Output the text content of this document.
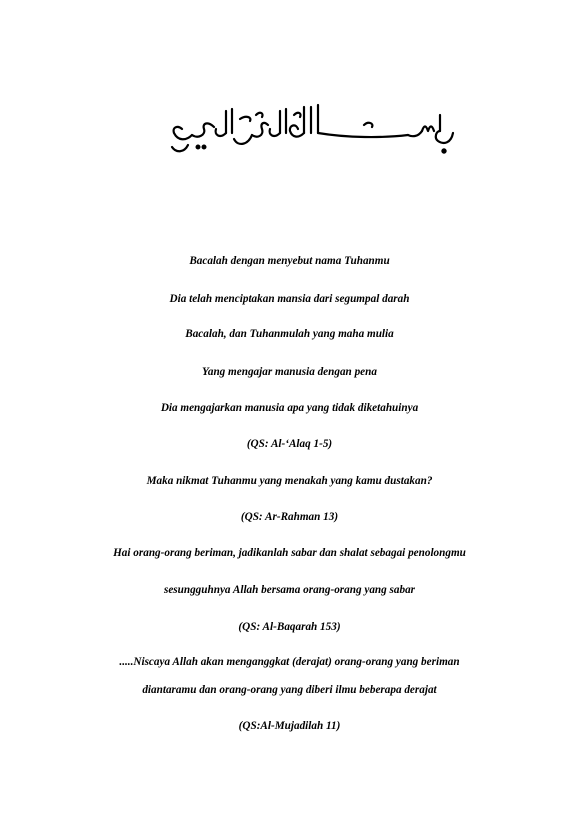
Bacalah dengan menyebut nama Tuhanmu
Dia telah menciptakan mansia dari segumpal darah
Bacalah, dan Tuhanmulah yang maha mulia
Yang mengajar manusia dengan pena
Dia mengajarkan manusia apa yang tidak diketahuinya
(QS: Al-‘Alaq 1-5)
Maka nikmat Tuhanmu yang menakah yang kamu dustakan?
(QS: Ar-Rahman 13)
Hai orang-orang beriman, jadikanlah sabar dan shalat sebagai penolongmu
sesungguhnya Allah bersama orang-orang yang sabar
(QS: Al-Baqarah 153)
.....Niscaya Allah akan menganggkat (derajat) orang-orang yang beriman
diantaramu dan orang-orang yang diberi ilmu beberapa derajat
(QS:Al-Mujadilah 11)
